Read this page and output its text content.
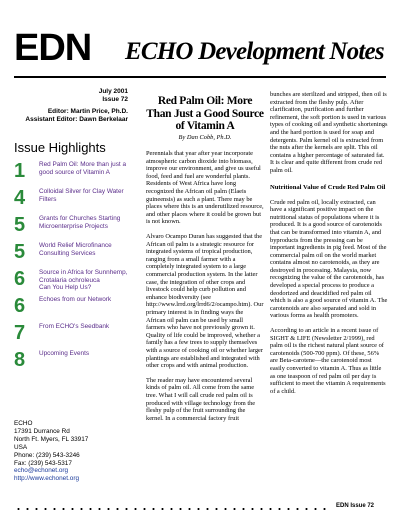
EDN ECHO Development Notes
July 2001
Issue 72
Editor: Martin Price, Ph.D.
Assistant Editor: Dawn Berkelaar
Issue Highlights
1	Red Palm Oil: More than just a good source of Vitamin A
4	Colloidal Silver for Clay Water Filters
5	Grants for Churches Starting Microenterprise Projects
5	World Relief Microfinance Consulting Services
6	Source in Africa for Sunnhemp, Crotalaria ochroleuca
Can You Help Us?
6	Echoes from our Network
7	From ECHO's Seedbank
8	Upcoming Events
ECHO
17391 Durrance Rd
North Ft. Myers, FL 33917
USA
Phone: (239) 543-3246
Fax: (239) 543-5317
echo@echonet.org
http://www.echonet.org
Red Palm Oil: More Than Just a Good Source of Vitamin A
By Dan Cobb, Ph.D.

Perennials that year after year incorporate atmospheric carbon dioxide into biomass, improve our environment, and give us useful food, feed and fuel are wonderful plants. Residents of West Africa have long recognized the African oil palm (Elaeis guineensis) as such a plant. There may be places where this is an underutilized resource, and other places where it could be grown but is not known.

Alvaro Ocampo Duran has suggested that the African oil palm is a strategic resource for integrated systems of tropical production, ranging from a small farmer with a completely integrated system to a large commercial production system. In the latter case, the integration of other crops and livestock could help curb pollution and enhance biodiversity (see http://www.lrrd.org/lrrd6/2/ocampo.htm). Our primary interest is in finding ways the African oil palm can be used by small farmers who have not previously grown it. Quality of life could be improved, whether a family has a few trees to supply themselves with a source of cooking oil or whether larger plantings are established and integrated with other crops and with animal production.

The reader may have encountered several kinds of palm oil. All come from the same tree. What I will call crude red palm oil is produced with village technology from the fleshy pulp of the fruit surrounding the kernel. In a commercial factory fruit

bunches are sterilized and stripped, then oil is extracted from the fleshy pulp. After clarification, purification and further refinement, the soft portion is used in various types of cooking oil and synthetic shortenings and the hard portion is used for soap and detergents. Palm kernel oil is extracted from the nuts after the kernels are split. This oil contains a higher percentage of saturated fat. It is clear and quite different from crude red palm oil.

Nutritional Value of Crude Red Palm Oil

Crude red palm oil, locally extracted, can have a significant positive impact on the nutritional status of populations where it is produced. It is a good source of carotenoids that can be transformed into vitamin A, and byproducts from the pressing can be important ingredients in pig feed. Most of the commercial palm oil on the world market contains almost no carotenoids, as they are destroyed in processing. Malaysia, now recognizing the value of the carotenoids, has developed a special process to produce a deodorized and deacidified red palm oil which is also a good source of vitamin A. The carotenoids are also separated and sold in various forms as health promoters.

According to an article in a recent issue of SIGHT & LIFE (Newsletter 2/1999), red palm oil is the richest natural plant source of carotenoids (500-700 ppm). Of these, 56% are Beta-carotene—the carotenoid most easily converted to vitamin A. Thus as little as one teaspoon of red palm oil per day is sufficient to meet the vitamin A requirements of a child.

EDN Issue 72
